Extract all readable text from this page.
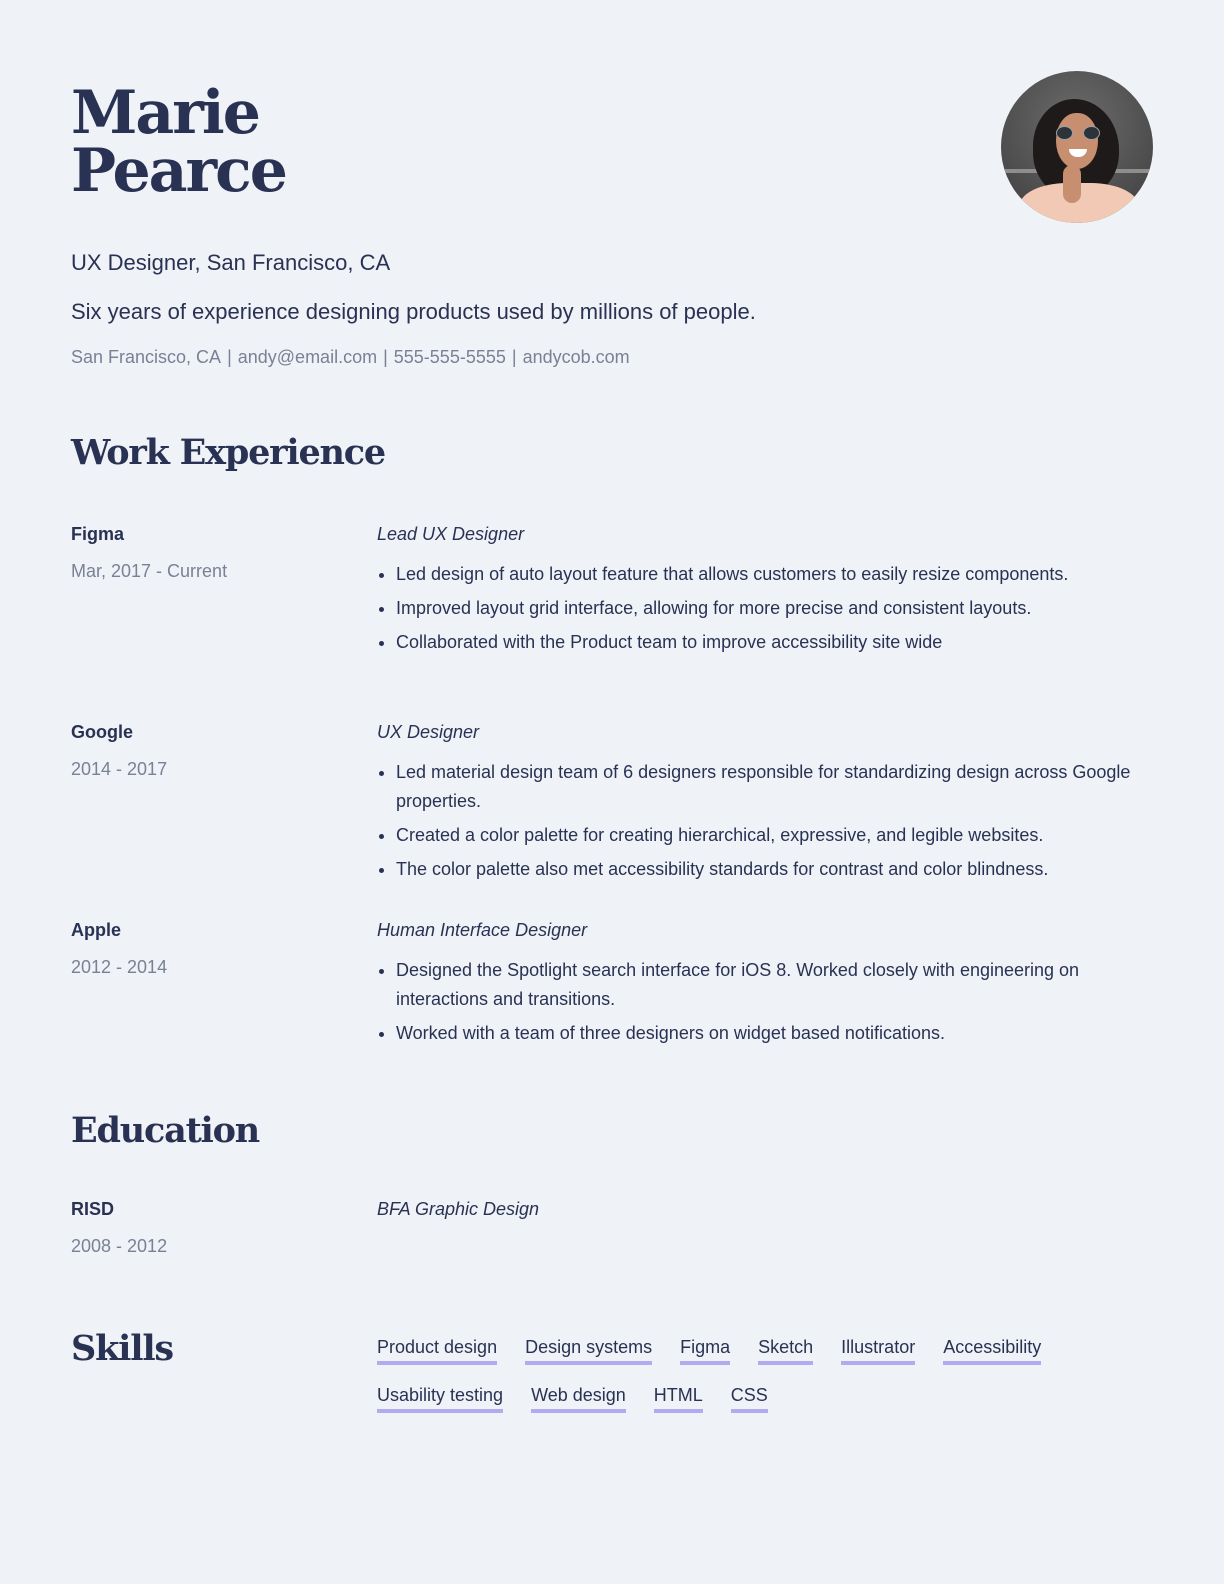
Marie
Pearce
UX Designer, San Francisco, CA
Six years of experience designing products used by millions of people.
San Francisco, CA | andy@email.com | 555-555-5555 | andycob.com
Work Experience
Figma
Mar, 2017 - Current
Lead UX Designer
Led design of auto layout feature that allows customers to easily resize components.
Improved layout grid interface, allowing for more precise and consistent layouts.
Collaborated with the Product team to improve accessibility site wide
Google
2014 - 2017
UX Designer
Led material design team of 6 designers responsible for standardizing design across Google properties.
Created a color palette for creating hierarchical, expressive, and legible websites.
The color palette also met accessibility standards for contrast and color blindness.
Apple
2012 - 2014
Human Interface Designer
Designed the Spotlight search interface for iOS 8. Worked closely with engineering on interactions and transitions.
Worked with a team of three designers on widget based notifications.
Education
RISD
2008 - 2012
BFA Graphic Design
Skills	Product design Design systems Figma Sketch Illustrator Accessibility
Usability testing Web design HTML CSS
